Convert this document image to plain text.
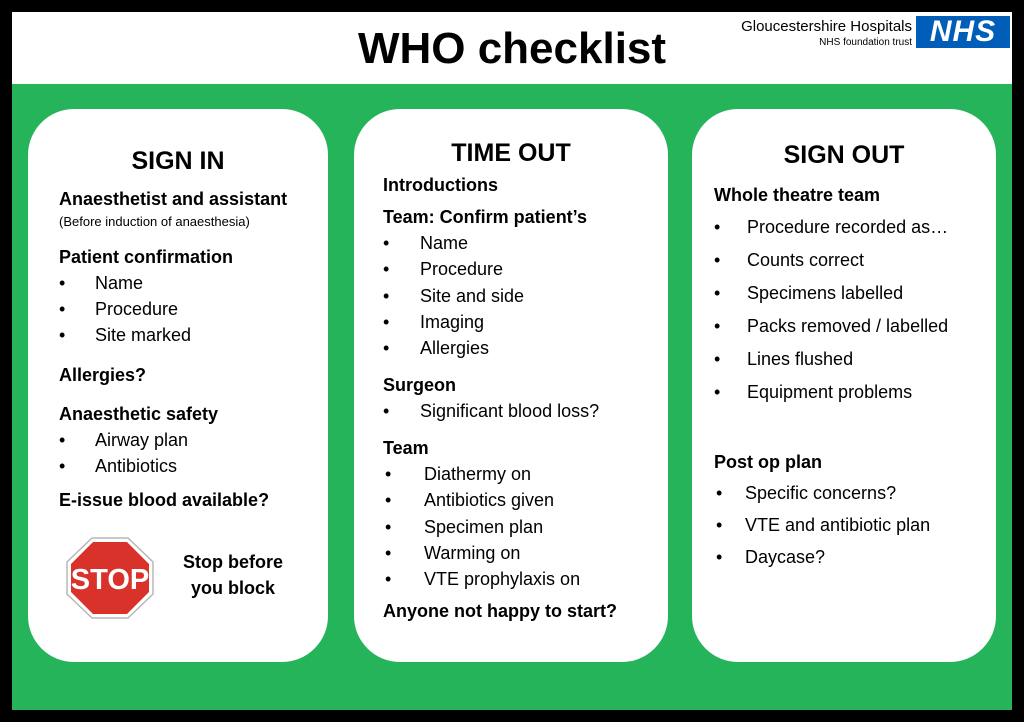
WHO checklist	Gloucestershire Hospitals
NHS foundation trust NHS
SIGN IN
Anaesthetist and assistant
(Before induction of anaesthesia)
Patient confirmation
• Name
• Procedure
• Site marked
Allergies?
Anaesthetic safety
• Airway plan
• Antibiotics
E-issue blood available?
STOP
Stop before
you block
TIME OUT
Introductions
Team: Confirm patient’s
• Name
• Procedure
• Site and side
• Imaging
• Allergies
Surgeon
• Significant blood loss?
Team
• Diathermy on
• Antibiotics given
• Specimen plan
• Warming on
• VTE prophylaxis on
Anyone not happy to start?
SIGN OUT
Whole theatre team
• Procedure recorded as…
• Counts correct
• Specimens labelled
• Packs removed / labelled
• Lines flushed
• Equipment problems
Post op plan
• Specific concerns?
• VTE and antibiotic plan
• Daycase?
